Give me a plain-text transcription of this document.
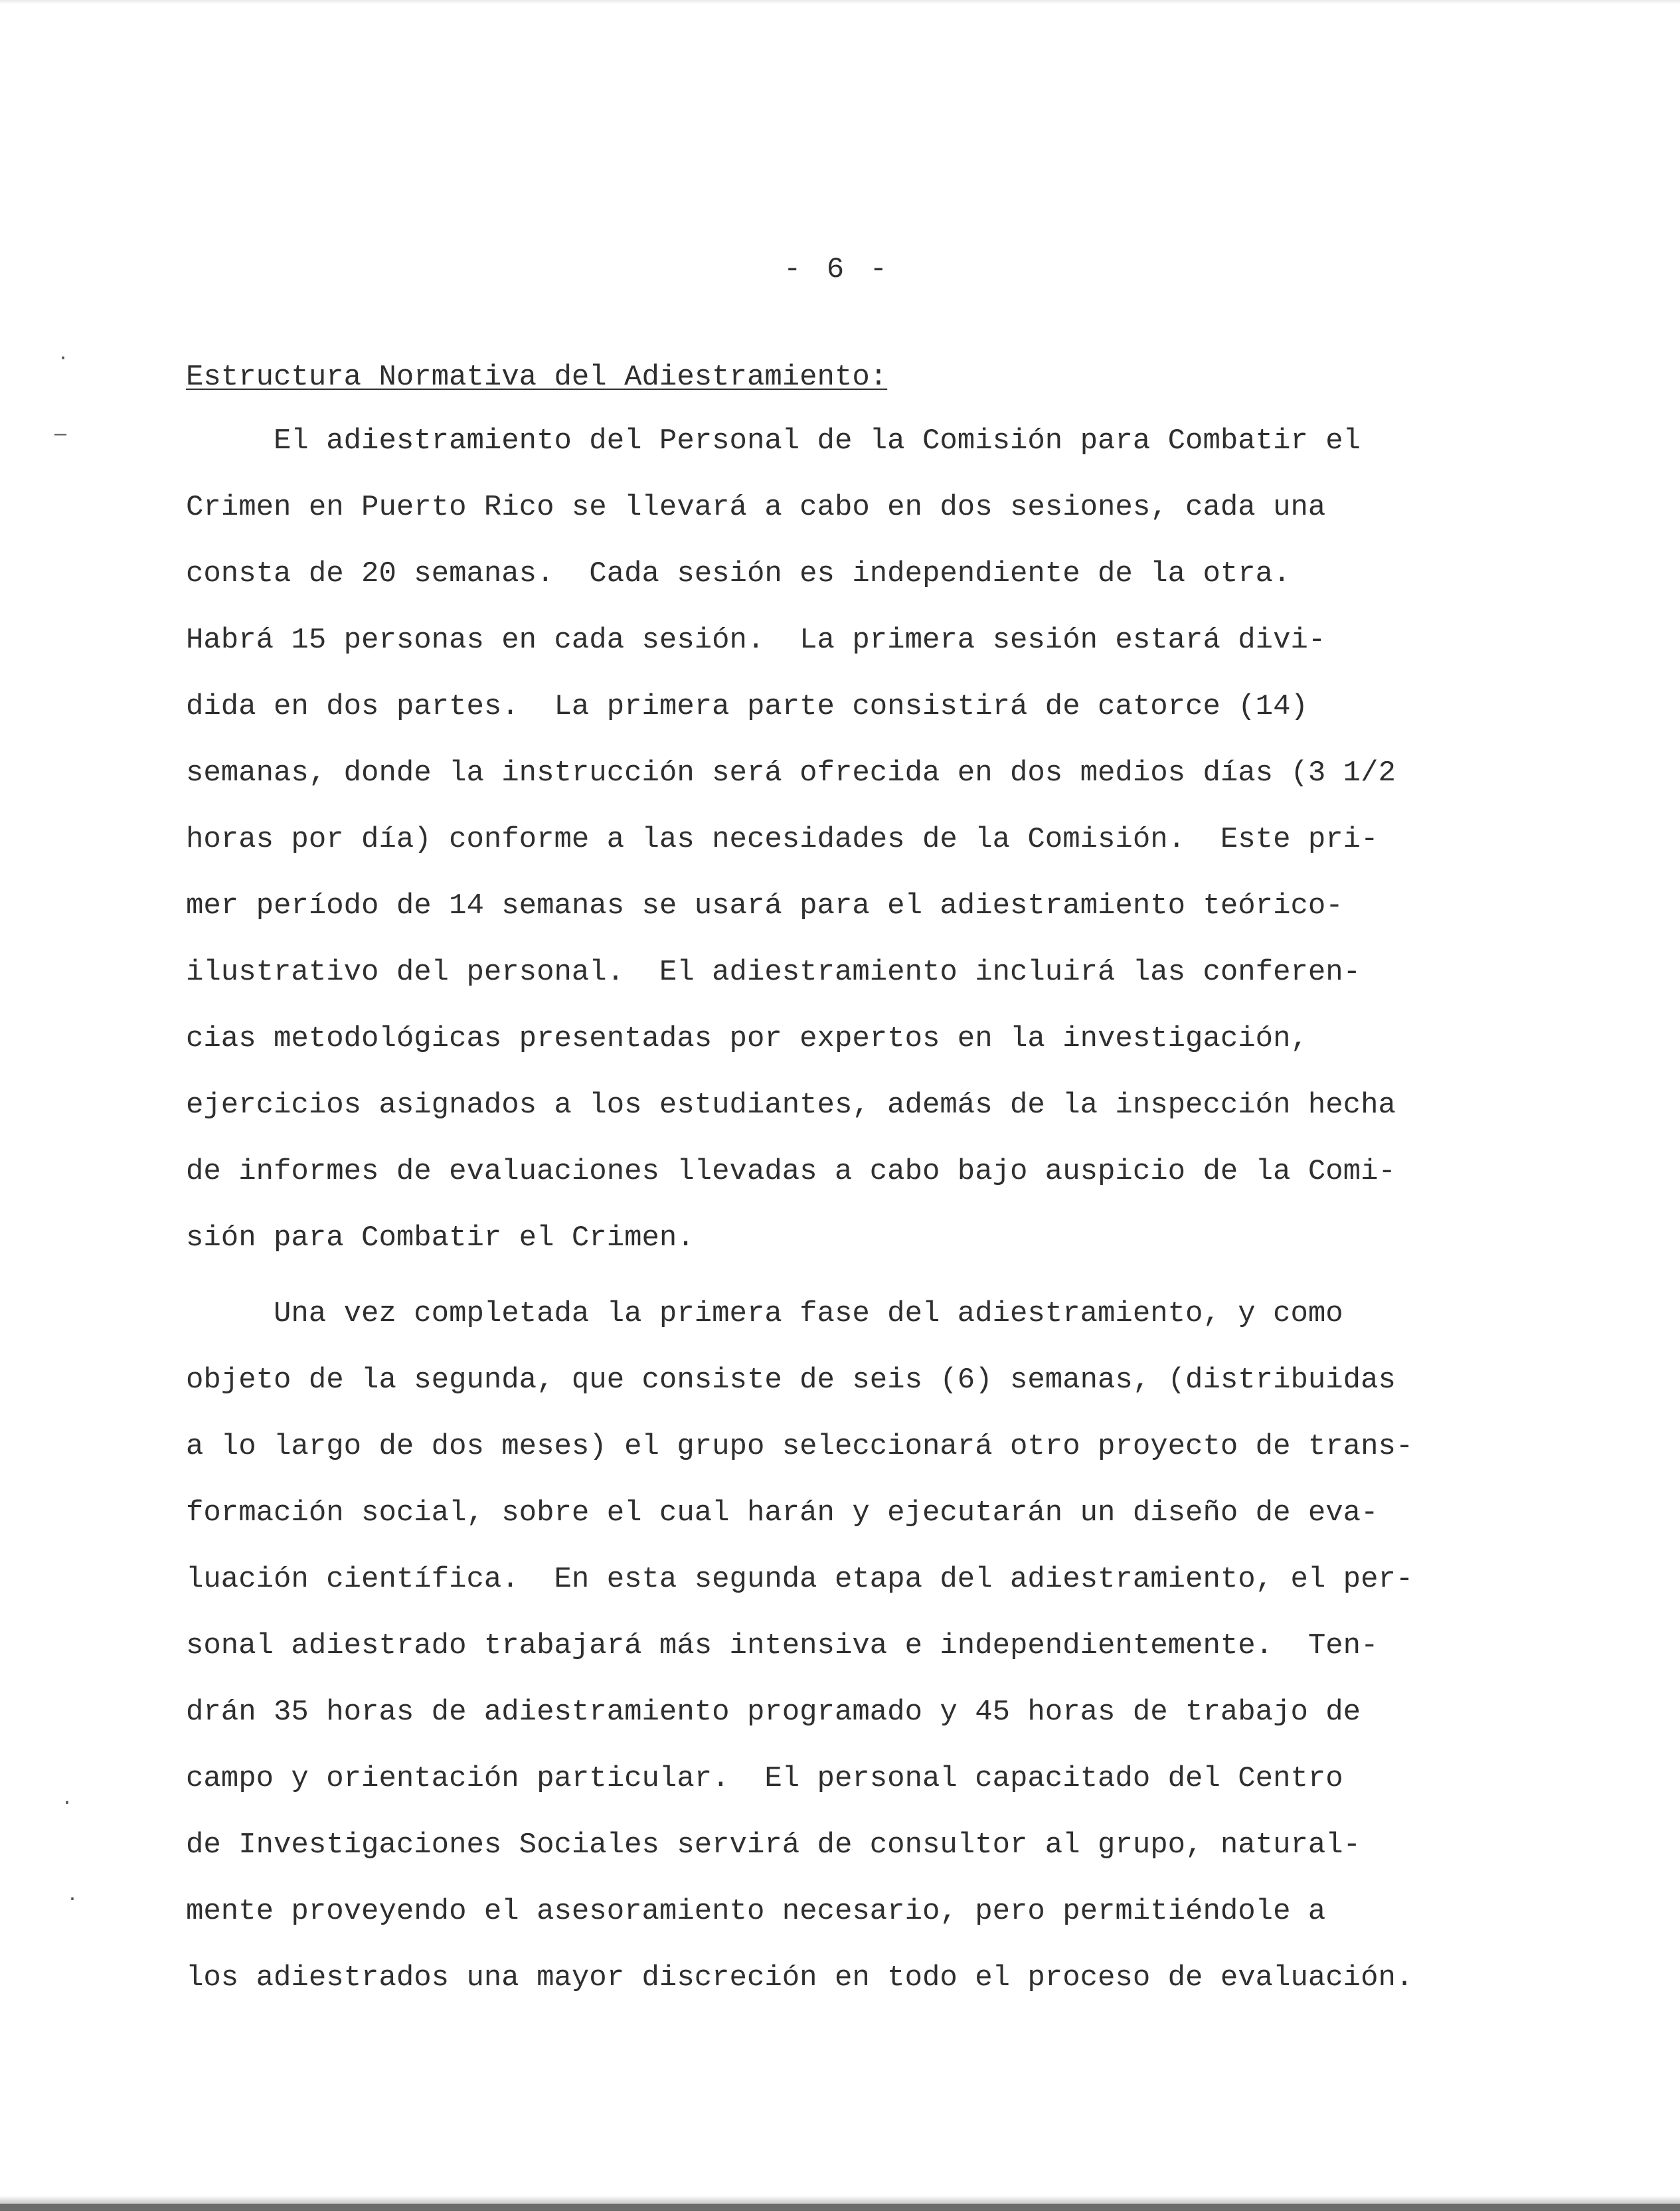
·
—
·
·
- 6 -
Estructura Normativa del Adiestramiento:
El adiestramiento del Personal de la Comisión para Combatir el
Crimen en Puerto Rico se llevará a cabo en dos sesiones, cada una
consta de 20 semanas.  Cada sesión es independiente de la otra.
Habrá 15 personas en cada sesión.  La primera sesión estará divi-
dida en dos partes.  La primera parte consistirá de catorce (14)
semanas, donde la instrucción será ofrecida en dos medios días (3 1/2
horas por día) conforme a las necesidades de la Comisión.  Este pri-
mer período de 14 semanas se usará para el adiestramiento teórico-
ilustrativo del personal.  El adiestramiento incluirá las conferen-
cias metodológicas presentadas por expertos en la investigación,
ejercicios asignados a los estudiantes, además de la inspección hecha
de informes de evaluaciones llevadas a cabo bajo auspicio de la Comi-
sión para Combatir el Crimen.
Una vez completada la primera fase del adiestramiento, y como
objeto de la segunda, que consiste de seis (6) semanas, (distribuidas
a lo largo de dos meses) el grupo seleccionará otro proyecto de trans-
formación social, sobre el cual harán y ejecutarán un diseño de eva-
luación científica.  En esta segunda etapa del adiestramiento, el per-
sonal adiestrado trabajará más intensiva e independientemente.  Ten-
drán 35 horas de adiestramiento programado y 45 horas de trabajo de
campo y orientación particular.  El personal capacitado del Centro
de Investigaciones Sociales servirá de consultor al grupo, natural-
mente proveyendo el asesoramiento necesario, pero permitiéndole a
los adiestrados una mayor discreción en todo el proceso de evaluación.
